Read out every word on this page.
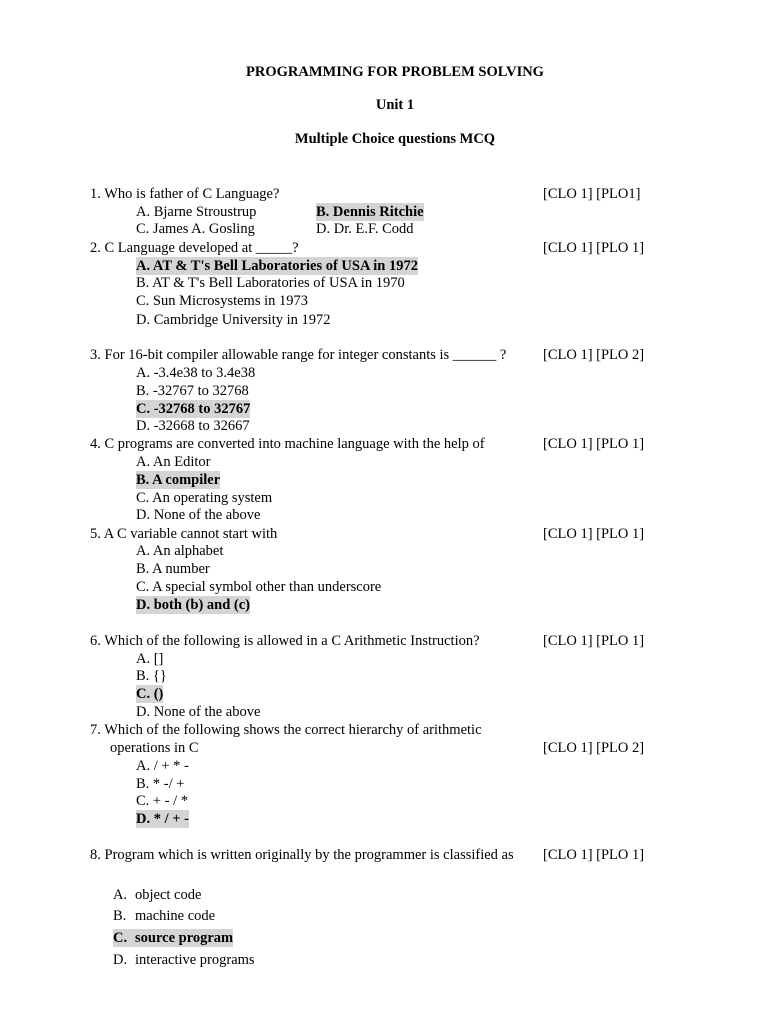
PROGRAMMING FOR PROBLEM SOLVING
Unit 1
Multiple Choice questions MCQ
1. Who is father of C Language?	[CLO 1] [PLO1]
A. Bjarne Stroustrup	B. Dennis Ritchie
C. James A. Gosling	D. Dr. E.F. Codd
2. C Language developed at _____?	[CLO 1] [PLO 1]
A. AT & T's Bell Laboratories of USA in 1972
B. AT & T's Bell Laboratories of USA in 1970
C. Sun Microsystems in 1973
D. Cambridge University in 1972
3. For 16-bit compiler allowable range for integer constants is ______ ?	[CLO 1] [PLO 2]
A. -3.4e38 to 3.4e38
B. -32767 to 32768
C. -32768 to 32767
D. -32668 to 32667
4. C programs are converted into machine language with the help of	[CLO 1] [PLO 1]
A. An Editor
B. A compiler
C. An operating system
D. None of the above
5. A C variable cannot start with	[CLO 1] [PLO 1]
A. An alphabet
B. A number
C. A special symbol other than underscore
D. both (b) and (c)
6. Which of the following is allowed in a C Arithmetic Instruction?	[CLO 1] [PLO 1]
A. []
B. {}
C. ()
D. None of the above
7. Which of the following shows the correct hierarchy of arithmetic
operations in C	[CLO 1] [PLO 2]
A. / + * -
B. * -/ +
C. + - / *
D. * / + -
8. Program which is written originally by the programmer is classified as [CLO 1] [PLO 1]
A. object code
B. machine code
C. source program
D. interactive programs
